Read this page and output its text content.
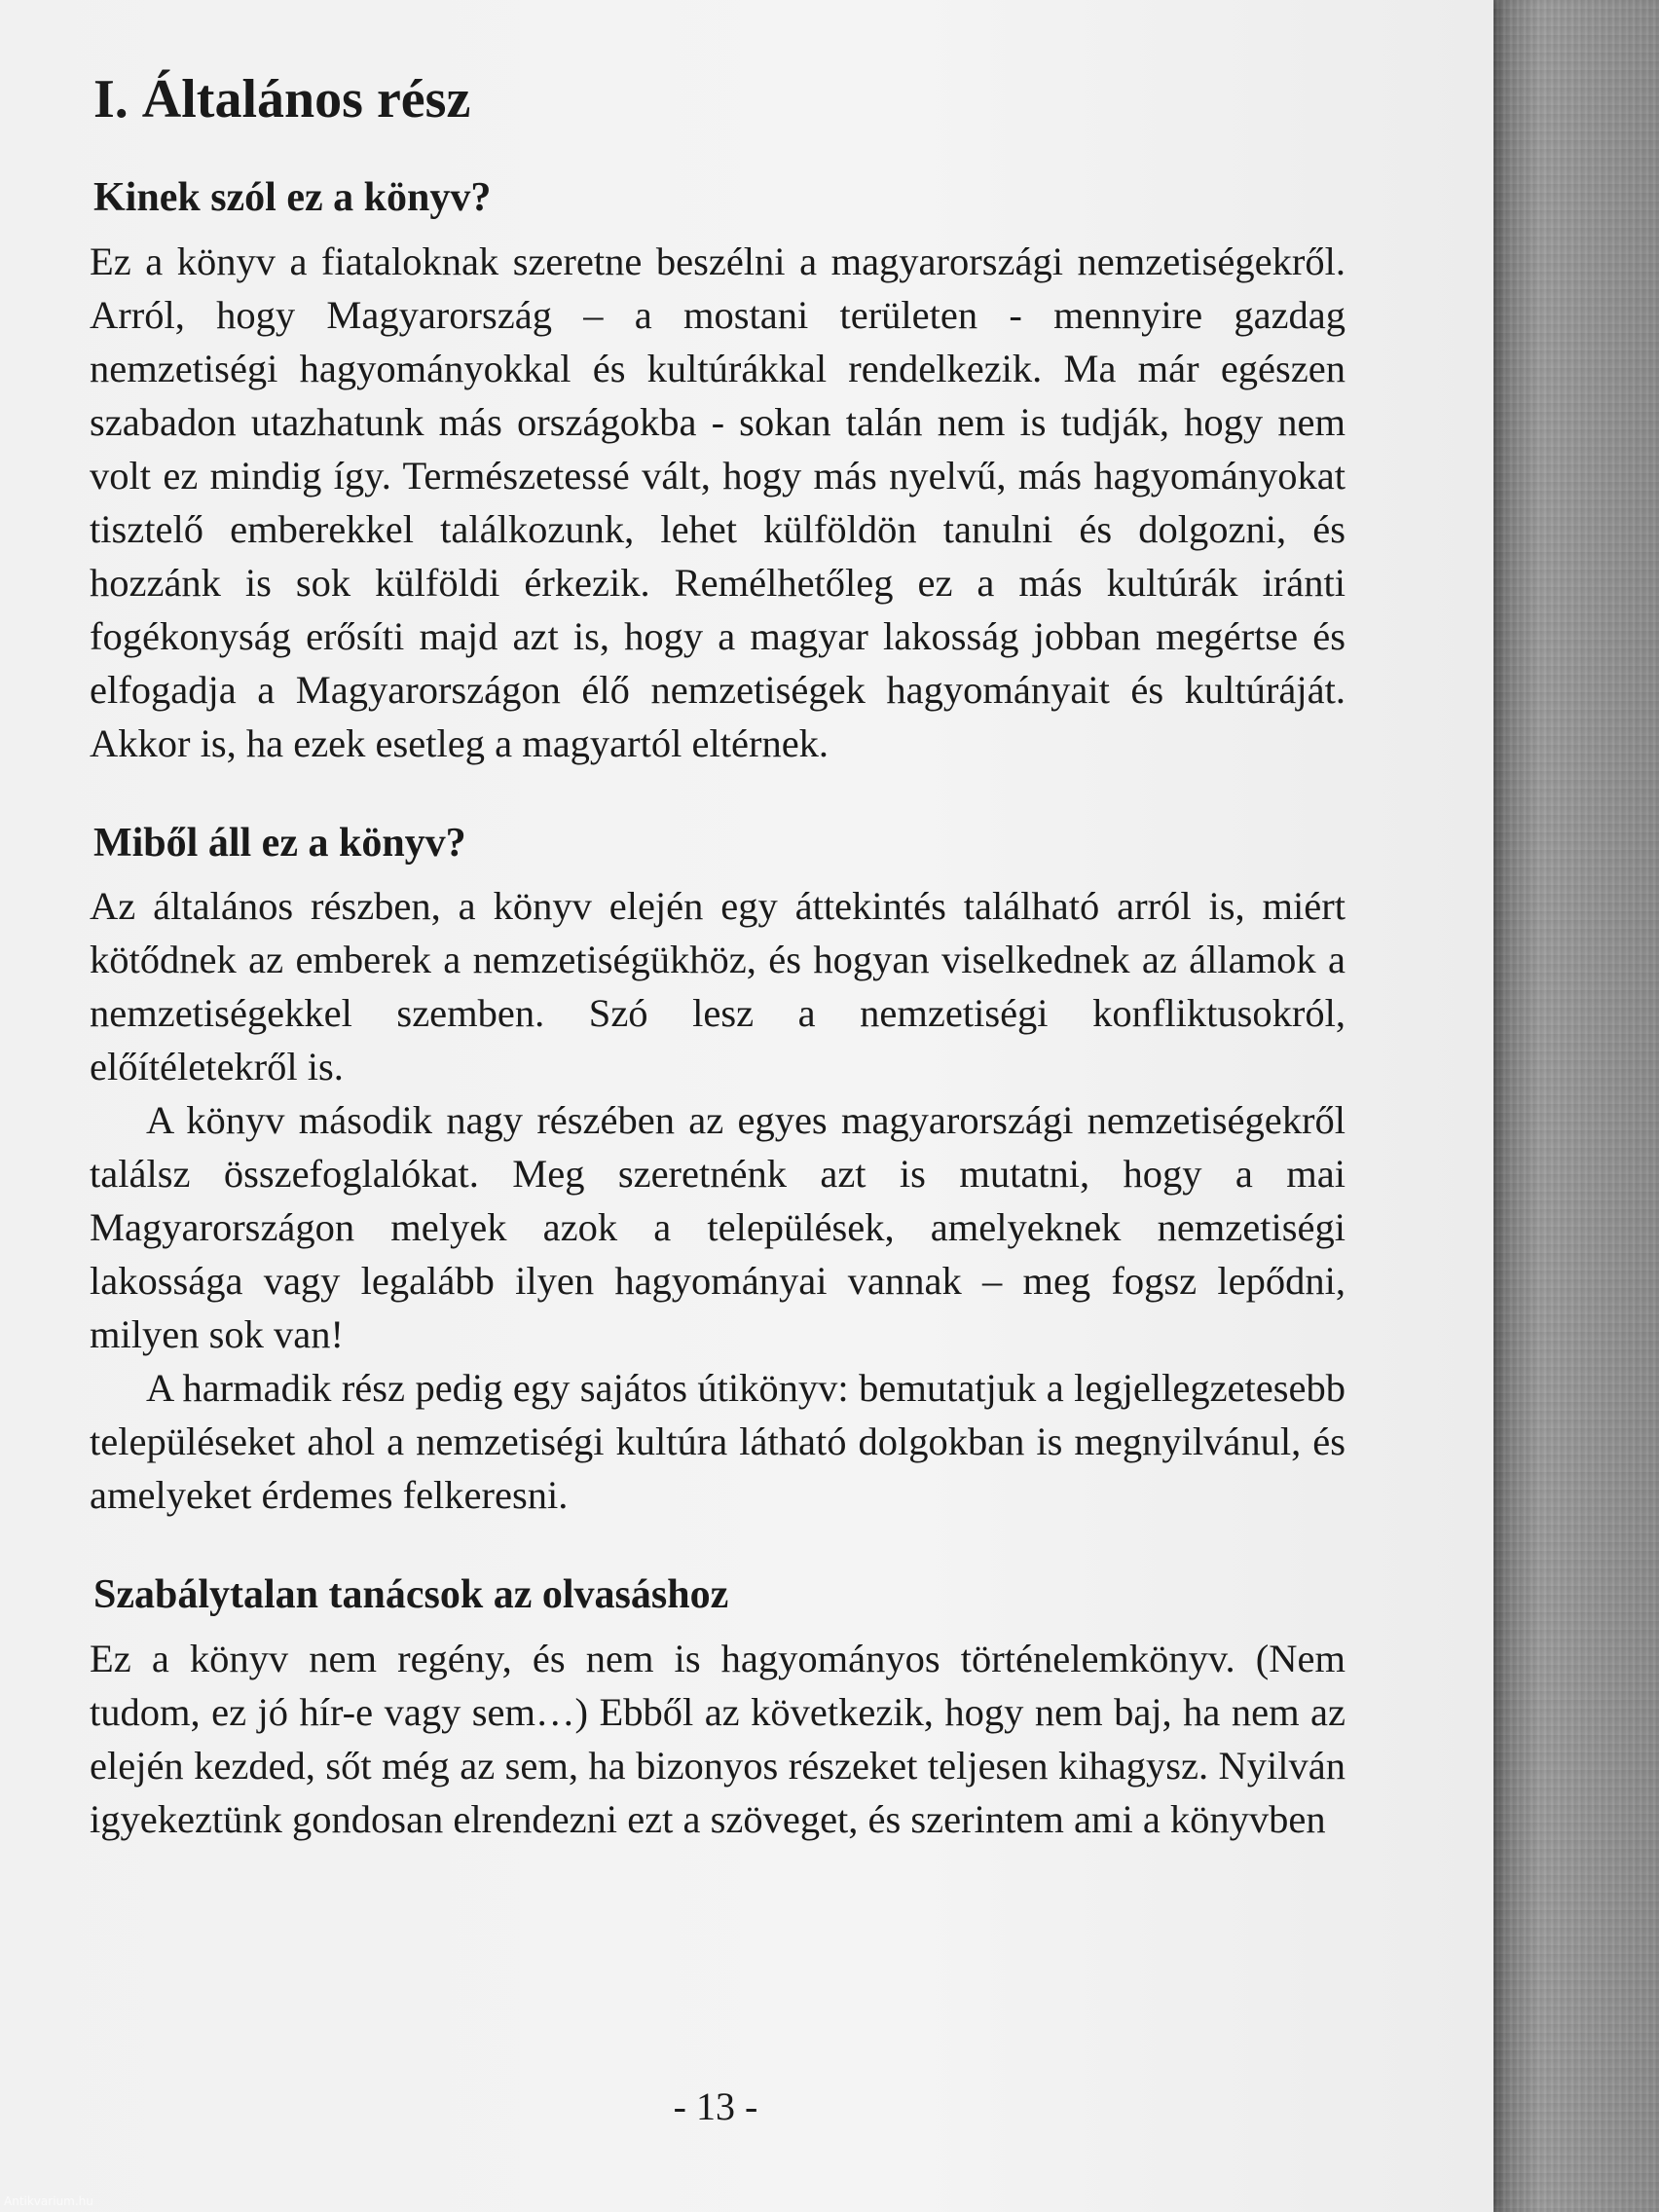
I. Általános rész
Kinek szól ez a könyv?

Ez a könyv a fiataloknak szeretne beszélni a magyarországi nemzetiségekről. Arról, hogy Magyarország – a mostani területen - mennyire gazdag nemzetiségi hagyományokkal és kultúrákkal rendelkezik. Ma már egészen szabadon utazhatunk más országokba - sokan talán nem is tudják, hogy nem volt ez mindig így. Természetessé vált, hogy más nyelvű, más hagyományokat tisztelő emberekkel találkozunk, lehet külföldön tanulni és dolgozni, és hozzánk is sok külföldi érkezik. Remélhetőleg ez a más kultúrák iránti fogékonyság erősíti majd azt is, hogy a magyar lakosság jobban megértse és elfogadja a Magyarországon élő nemzetiségek hagyományait és kultúráját. Akkor is, ha ezek esetleg a magyartól eltérnek.

Miből áll ez a könyv?

Az általános részben, a könyv elején egy áttekintés található arról is, miért kötődnek az emberek a nemzetiségükhöz, és hogyan viselkednek az államok a nemzetiségekkel szemben. Szó lesz a nemzetiségi konfliktusokról, előítéletekről is.

A könyv második nagy részében az egyes magyarországi nemzetiségekről találsz összefoglalókat. Meg szeretnénk azt is mutatni, hogy a mai Magyarországon melyek azok a települések, amelyeknek nemzetiségi lakossága vagy legalább ilyen hagyományai vannak – meg fogsz lepődni, milyen sok van!

A harmadik rész pedig egy sajátos útikönyv: bemutatjuk a legjellegzetesebb településeket ahol a nemzetiségi kultúra látható dolgokban is megnyilvánul, és amelyeket érdemes felkeresni.

Szabálytalan tanácsok az olvasáshoz

Ez a könyv nem regény, és nem is hagyományos történelemkönyv. (Nem tudom, ez jó hír-e vagy sem…) Ebből az következik, hogy nem baj, ha nem az elején kezded, sőt még az sem, ha bizonyos részeket teljesen kihagysz. Nyilván igyekeztünk gondosan elrendezni ezt a szöveget, és szerintem ami a könyvben

- 13 -
Antikvarium.hu
